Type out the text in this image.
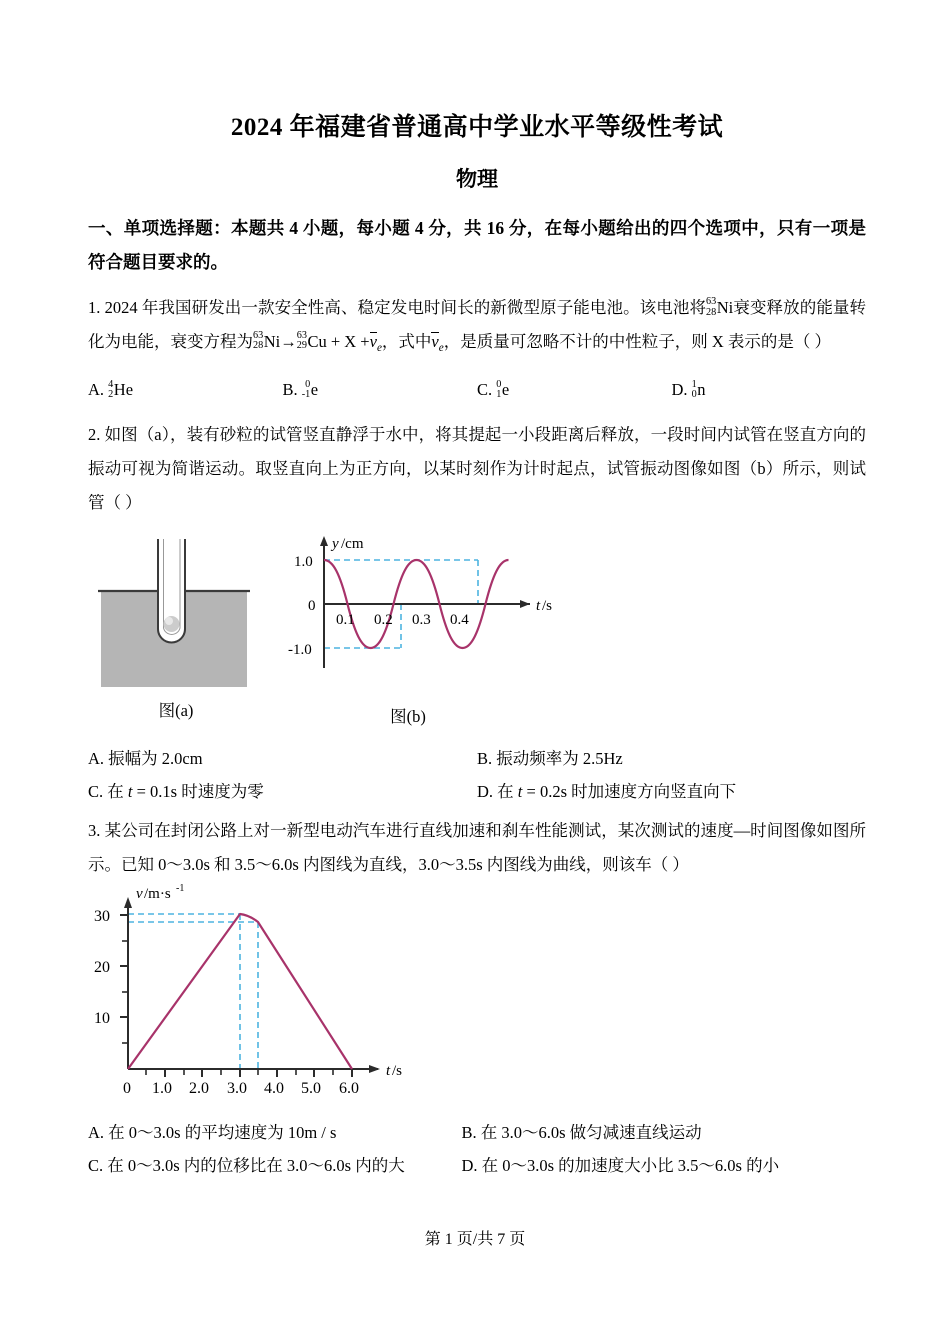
2024 年福建省普通高中学业水平等级性考试
物理
一、单项选择题：本题共 4 小题，每小题 4 分，共 16 分，在每小题给出的四个选项中，只有一项是符合题目要求的。
1. 2024 年我国研发出一款安全性高、稳定发电时间长的新微型原子能电池。该电池将 63
28 Ni衰变释放的能量转化为电能，衰变方程为 63
28 Ni→ 63
29 $Cu + X +\nu_e$，式中$\nu_e$，是质量可忽略不计的中性粒子，则 X 表示的是（ ）
A. 4
2 He	B. 0
-1 e	C. 0
1 e	D. 1
0 n
2. 如图（a），装有砂粒的试管竖直静浮于水中，将其提起一小段距离后释放，一段时间内试管在竖直方向的振动可视为简谐运动。取竖直向上为正方向，以某时刻作为计时起点，试管振动图像如图（b）所示，则试管（ ）
图(a)
y /cm
t /s
1.0
0
-1.0
0.1 0.2 0.3 0.4
图(b)
A. 振幅为 2.0cm	B. 振动频率为 2.5Hz
C. 在 t = 0.1s 时速度为零	D. 在 t = 0.2s 时加速度方向竖直向下
3. 某公司在封闭公路上对一新型电动汽车进行直线加速和刹车性能测试，某次测试的速度—时间图像如图所示。已知 0～3.0s 和 3.5～6.0s 内图线为直线，3.0～3.5s 内图线为曲线，则该车（ ）
v /m·s -1
t /s
10
20
30
0 1.0 2.0 3.0 4.0 5.0 6.0
A. 在 0～3.0s 的平均速度为 10m / s	B. 在 3.0～6.0s 做匀减速直线运动
C. 在 0～3.0s 内的位移比在 3.0～6.0s 内的大	D. 在 0～3.0s 的加速度大小比 3.5～6.0s 的小
第 1 页/共 7 页
